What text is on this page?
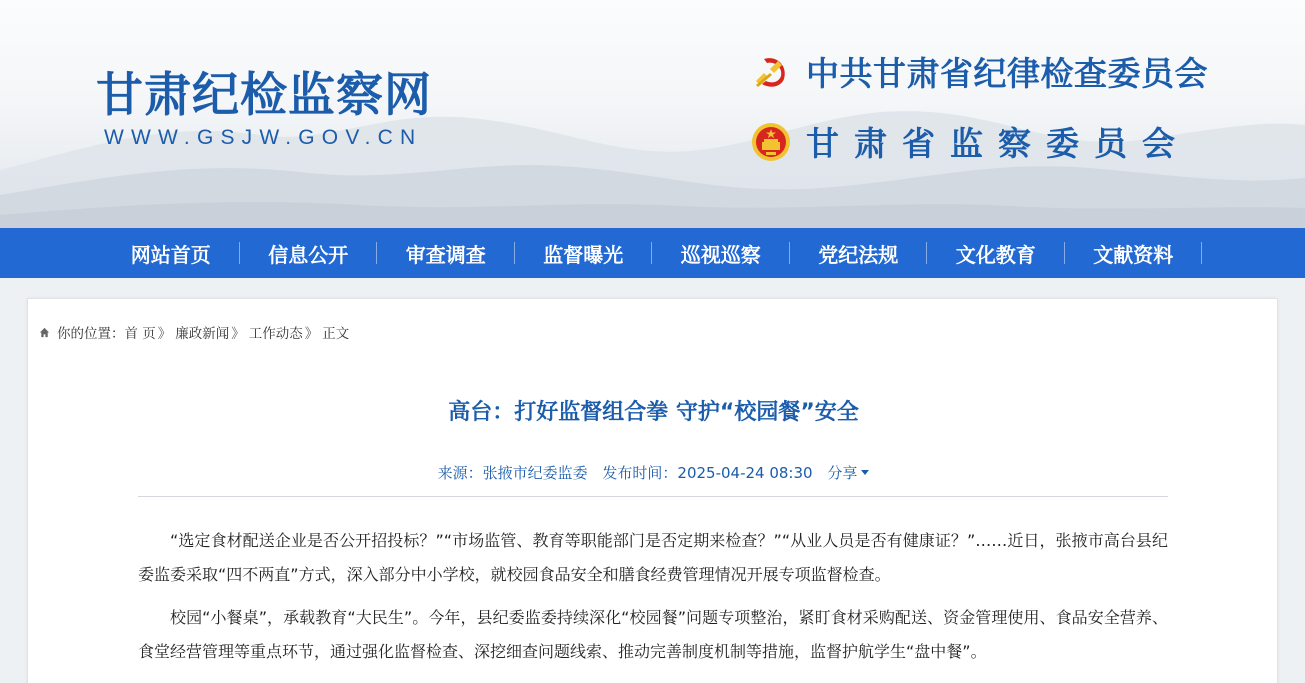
甘肃纪检监察网
WWW.GSJW.GOV.CN
中共甘肃省纪律检查委员会
甘肃省监察委员会
网站首页	信息公开	审查调查	监督曝光	巡视巡察	党纪法规	文化教育	文献资料
你的位置： 首 页 》 廉政新闻 》 工作动态 》 正文
高台：打好监督组合拳 守护“校园餐”安全
来源：张掖市纪委监委 发布时间：2025-04-24 08:30 分享

“选定食材配送企业是否公开招投标？”“市场监管、教育等职能部门是否定期来检查？”“从业人员是否有健康证？”……近日，张掖市高台县纪委监委采取“四不两直”方式，深入部分中小学校，就校园食品安全和膳食经费管理情况开展专项监督检查。

校园“小餐桌”，承载教育“大民生”。今年，县纪委监委持续深化“校园餐”问题专项整治，紧盯食材采购配送、资金管理使用、食品安全营养、食堂经营管理等重点环节，通过强化监督检查、深挖细查问题线索、推动完善制度机制等措施，监督护航学生“盘中餐”。
